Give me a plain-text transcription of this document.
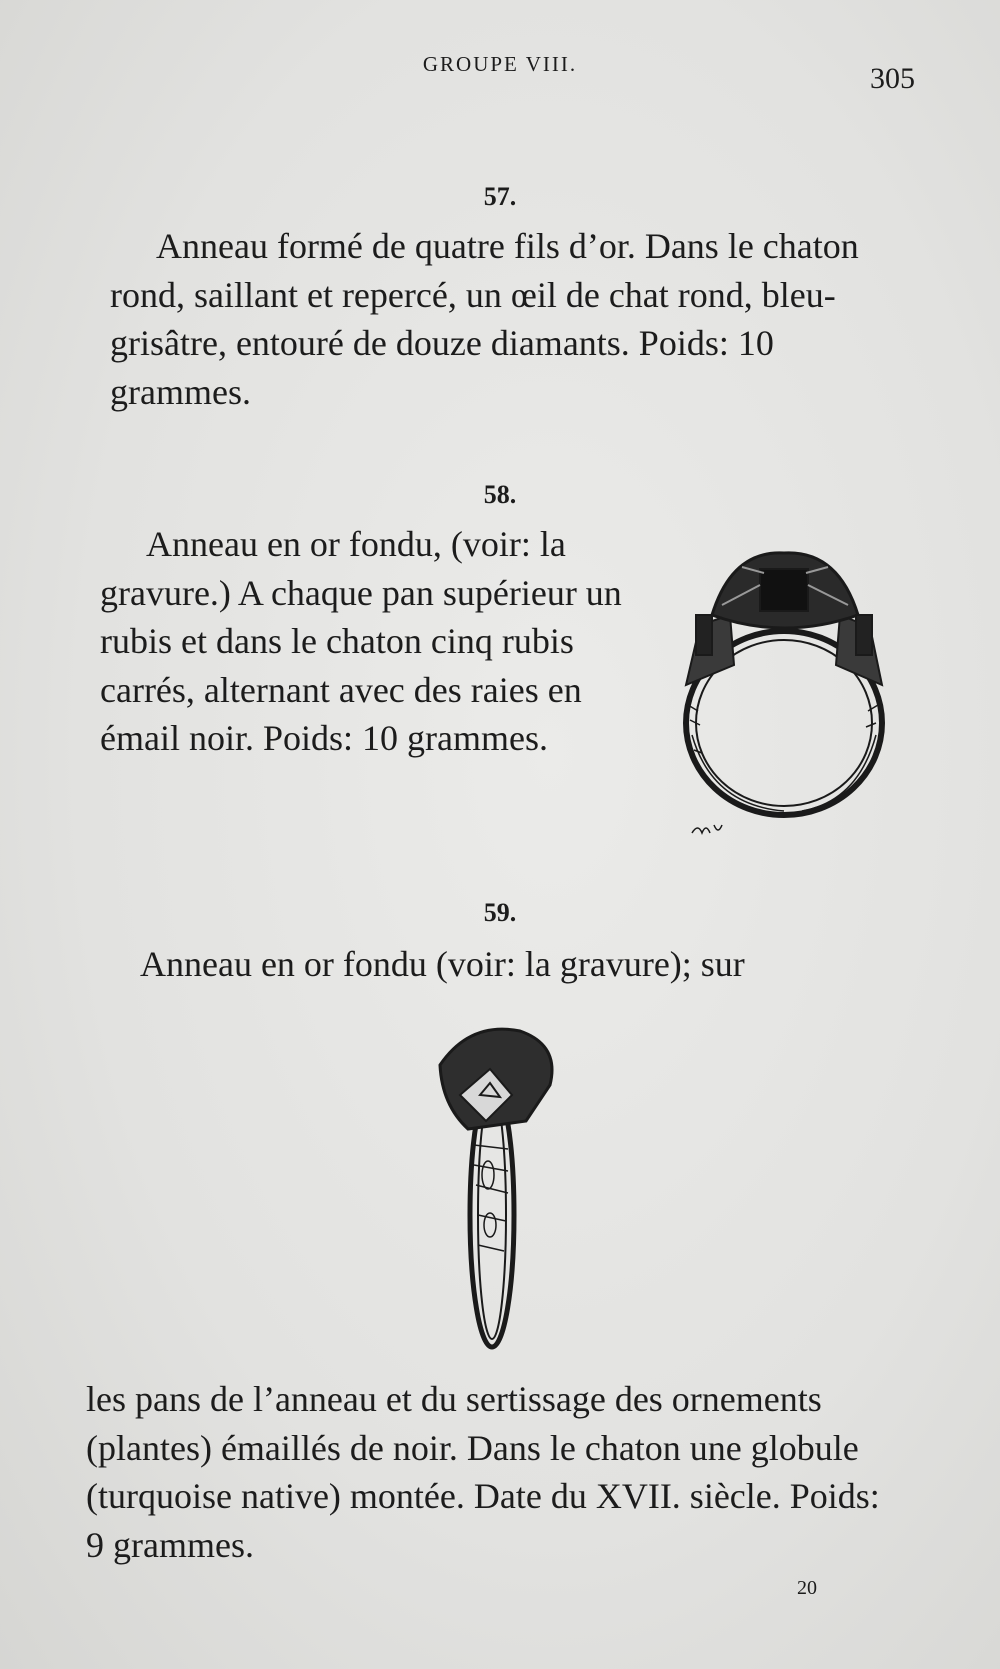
GROUPE VIII.	305
57.

Anneau formé de quatre fils d’or. Dans le chaton rond, saillant et repercé, un œil de chat rond, bleu-grisâtre, entouré de douze diamants. Poids: 10 grammes.

58.

Anneau en or fondu, (voir: la gravure.) A chaque pan supérieur un rubis et dans le chaton cinq rubis carrés, alternant avec des raies en émail noir. Poids: 10 grammes.

59.

Anneau en or fondu (voir: la gravure); sur

les pans de l’anneau et du sertissage des ornements (plantes) émaillés de noir. Dans le chaton une globule (turquoise native) montée. Date du XVII. siècle. Poids: 9 grammes.

20
